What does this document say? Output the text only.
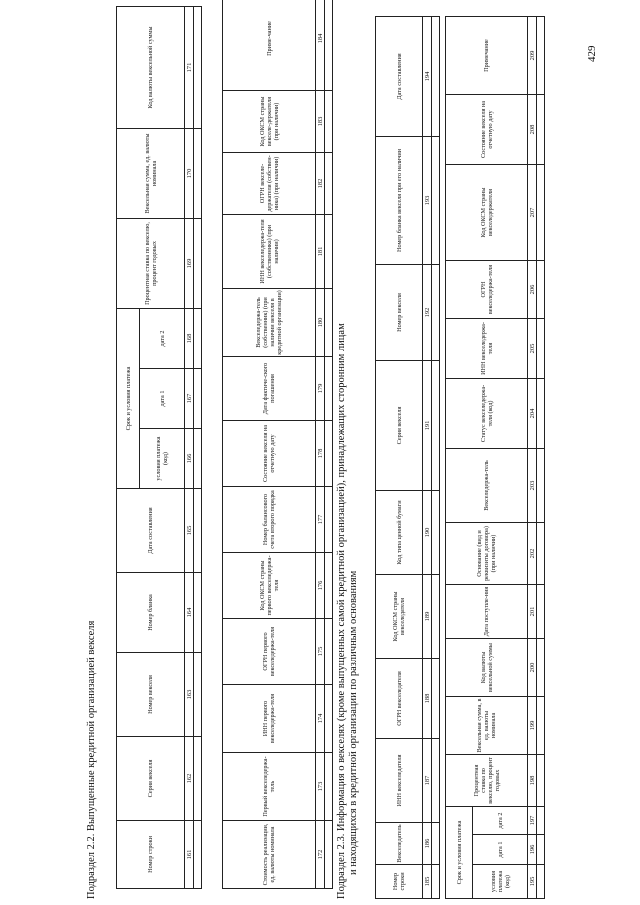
429
Подраздел 2.2. Выпущенные кредитной организацией векселя	Номер строки	Серия векселя	Номер векселя	Номер бланка	Дата составления	Срок и условия платежа			Процентная ставка по векселю, процент годовых	Вексельная сумма, ед. валюты номинала	Код валюты вексельной суммы
					условия платежа (код)	дата 1	дата 2			
161	162	163	164	165	166	167	168	169	170	171

Стоимость реализации, ед. валюты номинала	Первый векселедержа-тель	ИНН первого векселедержа-теля	ОГРН первого векселедержа-теля	Код ОКСМ страны первого векселедержа-теля	Номер балансового счета второго порядка	Состояние векселя на отчетную дату	Дата фактиче-ского погашения	Векселедержа-тель (собственник) (при наличии векселя в кредитной организации)	ИНН векселедержа-теля (собственника) (при наличии)	ОГРН векселе-держателя (собствен-ника) (при наличии)	Код ОКСМ страны векселе-держателя (при наличии)	Приме-чание
172	173	174	175	176	177	178	179	180	181	182	183	184

Подраздел 2.3. Информация о векселях (кроме выпущенных самой кредитной организацией), принадлежащих сторонним лицам и находящихся в кредитной организации по различным основаниям
Номер строки	Векселедатель	ИНН векселедателя	ОГРН векселедателя	Код ОКСМ страны векселедателя	Код типа ценной бумаги	Серия векселя	Номер векселя	Номер бланка векселя при его наличии	Дата составления
185	186	187	188	189	190	191	192	193	194

Срок и условия платежа			Процентная ставка по векселю, процент годовых	Вексельная сумма, в ед. валюты номинала	Код валюты вексельной суммы	Дата поступле-ния	Основание (вид и реквизиты договора) (при наличии)	Векселедержа-тель	Статус векселедержа-теля (код)	ИНН векселедержа-теля	ОГРН векселедержа-теля	Код ОКСМ страны векселедержателя	Состояние векселя на отчетную дату	Примечание
условия платежа (код)	дата 1	дата 2												
195	196	197	198	199	200	201	202	203	204	205	206	207	208	209
